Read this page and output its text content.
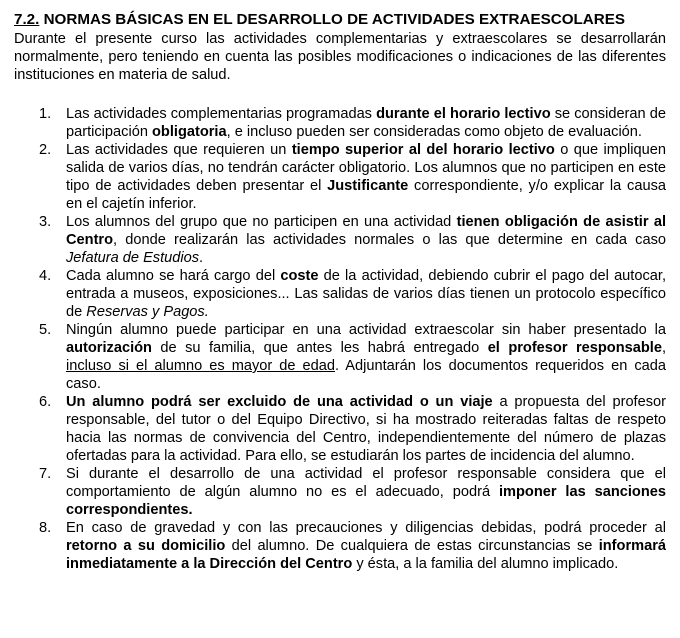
7.2. NORMAS BÁSICAS EN EL DESARROLLO DE ACTIVIDADES EXTRAESCOLARES

Durante el presente curso las actividades complementarias y extraescolares se desarrollarán normalmente, pero teniendo en cuenta las posibles modificaciones o indicaciones de las diferentes instituciones en materia de salud.

1. Las actividades complementarias programadas durante el horario lectivo se consideran de participación obligatoria, e incluso pueden ser consideradas como objeto de evaluación.
2. Las actividades que requieren un tiempo superior al del horario lectivo o que impliquen salida de varios días, no tendrán carácter obligatorio. Los alumnos que no participen en este tipo de actividades deben presentar el Justificante correspondiente, y/o explicar la causa en el cajetín inferior.
3. Los alumnos del grupo que no participen en una actividad tienen obligación de asistir al Centro, donde realizarán las actividades normales o las que determine en cada caso Jefatura de Estudios.
4. Cada alumno se hará cargo del coste de la actividad, debiendo cubrir el pago del autocar, entrada a museos, exposiciones... Las salidas de varios días tienen un protocolo específico de Reservas y Pagos.
5. Ningún alumno puede participar en una actividad extraescolar sin haber presentado la autorización de su familia, que antes les habrá entregado el profesor responsable, incluso si el alumno es mayor de edad. Adjuntarán los documentos requeridos en cada caso.
6. Un alumno podrá ser excluido de una actividad o un viaje a propuesta del profesor responsable, del tutor o del Equipo Directivo, si ha mostrado reiteradas faltas de respeto hacia las normas de convivencia del Centro, independientemente del número de plazas ofertadas para la actividad. Para ello, se estudiarán los partes de incidencia del alumno.
7. Si durante el desarrollo de una actividad el profesor responsable considera que el comportamiento de algún alumno no es el adecuado, podrá imponer las sanciones correspondientes.
8. En caso de gravedad y con las precauciones y diligencias debidas, podrá proceder al retorno a su domicilio del alumno. De cualquiera de estas circunstancias se informará inmediatamente a la Dirección del Centro y ésta, a la familia del alumno implicado.
